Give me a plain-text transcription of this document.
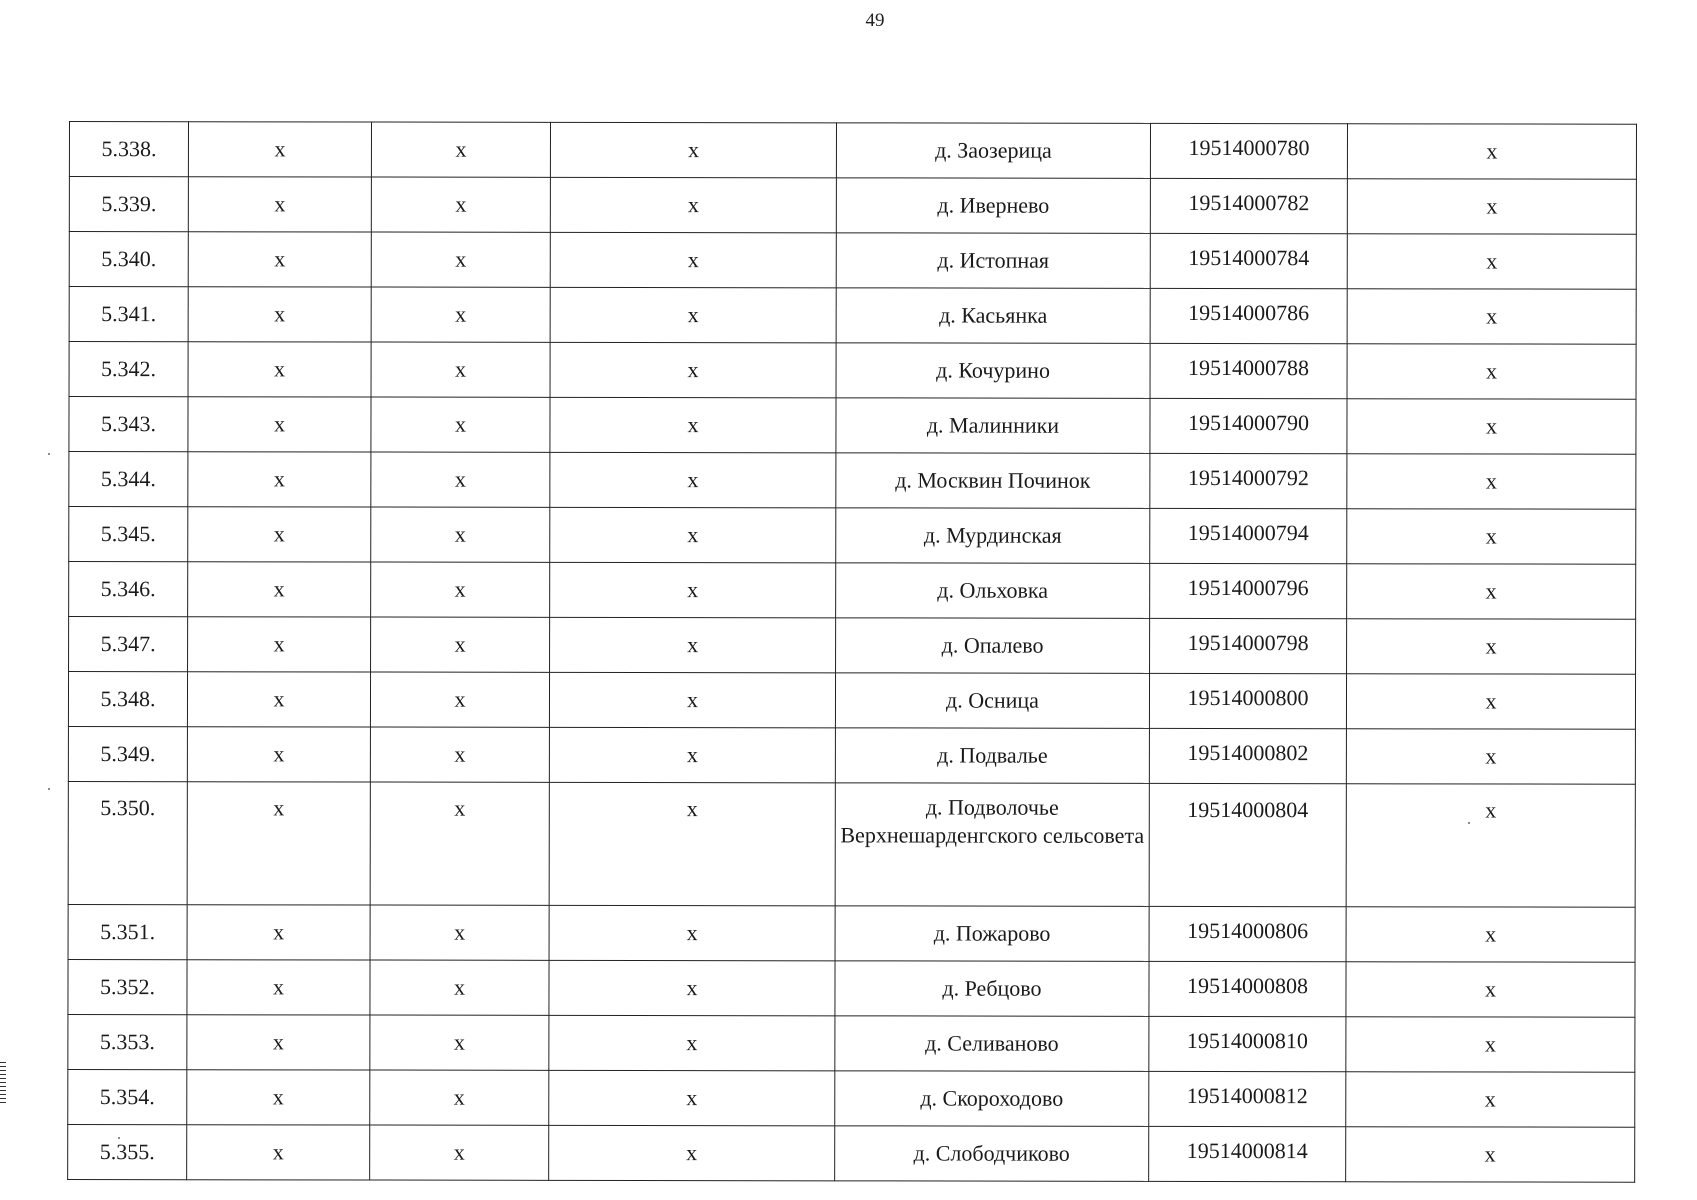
49
5.338.	х	х	х	д. Заозерица	19514000780	х
5.339.	х	х	х	д. Ивернево	19514000782	х
5.340.	х	х	х	д. Истопная	19514000784	х
5.341.	х	х	х	д. Касьянка	19514000786	х
5.342.	х	х	х	д. Кочурино	19514000788	х
5.343.	х	х	х	д. Малинники	19514000790	х
5.344.	х	х	х	д. Москвин Починок	19514000792	х
5.345.	х	х	х	д. Мурдинская	19514000794	х
5.346.	х	х	х	д. Ольховка	19514000796	х
5.347.	х	х	х	д. Опалево	19514000798	х
5.348.	х	х	х	д. Осница	19514000800	х
5.349.	х	х	х	д. Подвалье	19514000802	х
5.350.	х	х	х	д. Подволочье Верхнешарденгского сельсовета	19514000804	х
5.351.	х	х	х	д. Пожарово	19514000806	х
5.352.	х	х	х	д. Ребцово	19514000808	х
5.353.	х	х	х	д. Селиваново	19514000810	х
5.354.	х	х	х	д. Скороходово	19514000812	х
5.355.	х	х	х	д. Слободчиково	19514000814	х
